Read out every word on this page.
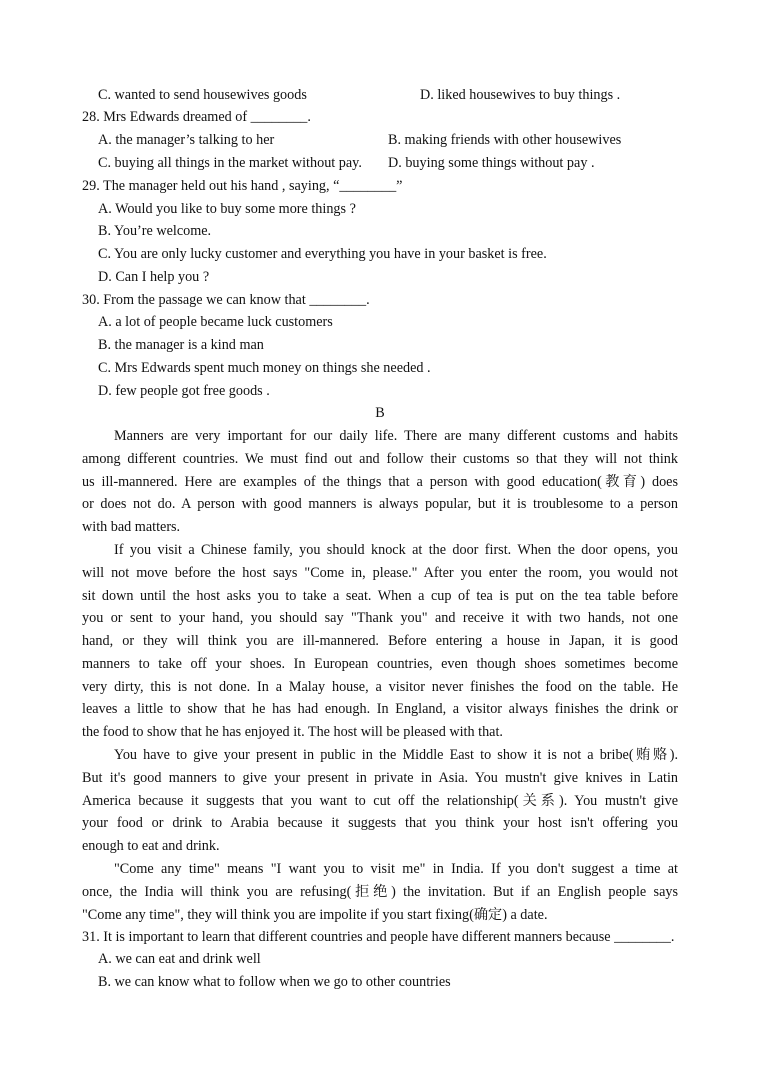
C. wanted to send housewives goods	D. liked housewives to buy things .
28. Mrs Edwards dreamed of ________.
A. the manager’s talking to her	B. making friends with other housewives
C. buying all things in the market without pay. D. buying some things without pay .
29. The manager held out his hand , saying, “________”
A. Would you like to buy some more things ?
B. You’re welcome.
C. You are only lucky customer and everything you have in your basket is free.
D. Can I help you ?
30. From the passage we can know that ________.
A. a lot of people became luck customers
B. the manager is a kind man
C. Mrs Edwards spent much money on things she needed .
D. few people got free goods .
B
Manners are very important for our daily life. There are many different customs and habits
among different countries. We must find out and follow their customs so that they will not think
us ill-mannered. Here are examples of the things that a person with good education(教育) does
or does not do. A person with good manners is always popular, but it is troublesome to a person
with bad matters.
If you visit a Chinese family, you should knock at the door first. When the door opens, you
will not move before the host says "Come in, please." After you enter the room, you would not
sit down until the host asks you to take a seat. When a cup of tea is put on the tea table before
you or sent to your hand, you should say "Thank you" and receive it with two hands, not one
hand, or they will think you are ill-mannered. Before entering a house in Japan, it is good
manners to take off your shoes. In European countries, even though shoes sometimes become
very dirty, this is not done. In a Malay house, a visitor never finishes the food on the table. He
leaves a little to show that he has had enough. In England, a visitor always finishes the drink or
the food to show that he has enjoyed it. The host will be pleased with that.
You have to give your present in public in the Middle East to show it is not a bribe(贿赂).
But it's good manners to give your present in private in Asia. You mustn't give knives in Latin
America because it suggests that you want to cut off the relationship(关系). You mustn't give
your food or drink to Arabia because it suggests that you think your host isn't offering you
enough to eat and drink.
"Come any time" means "I want you to visit me" in India. If you don't suggest a time at
once, the India will think you are refusing(拒绝) the invitation. But if an English people says
"Come any time", they will think you are impolite if you start fixing(确定) a date.
31. It is important to learn that different countries and people have different manners because ________.
A. we can eat and drink well
B. we can know what to follow when we go to other countries
